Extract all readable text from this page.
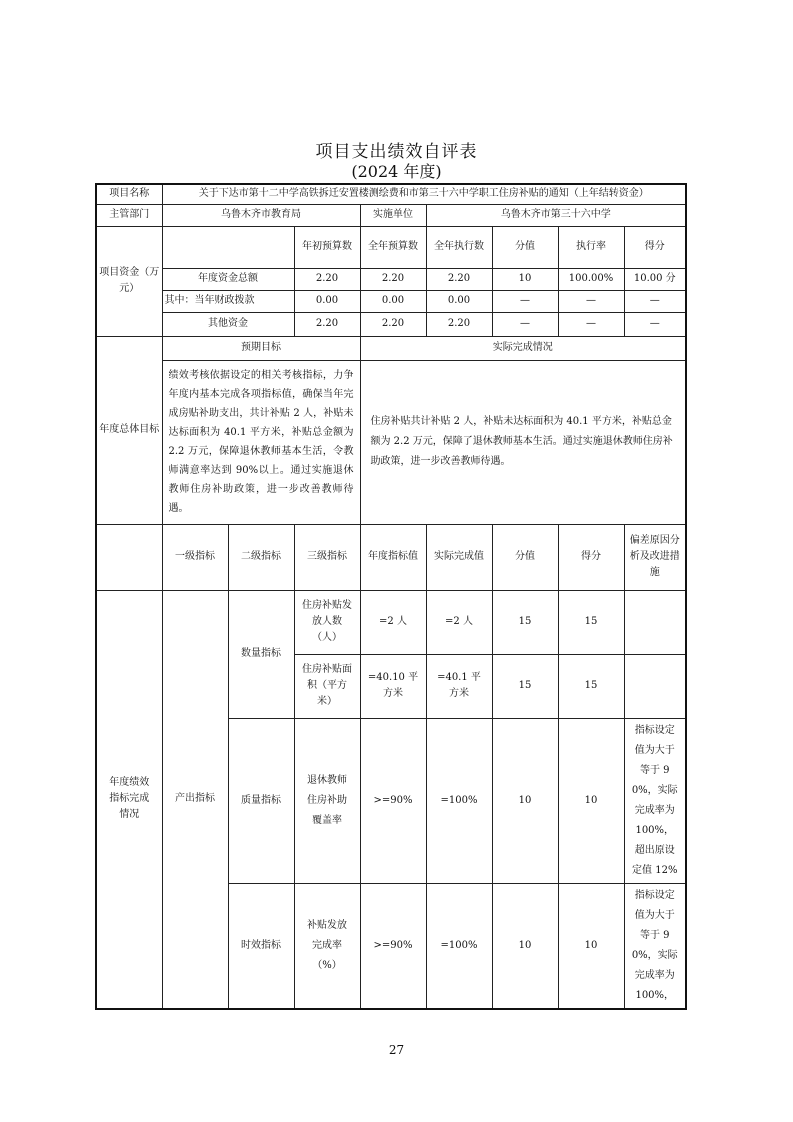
项目支出绩效自评表
(2024 年度)
项目名称	关于下达市第十二中学高铁拆迁安置楼测绘费和市第三十六中学职工住房补贴的通知（上年结转资金）							
主管部门	乌鲁木齐市教育局			实施单位	乌鲁木齐市第三十六中学			
项目资金（万元）			年初预算数	全年预算数	全年执行数	分值	执行率	得分
	年度资金总额		2.20	2.20	2.20	10	100.00%	10.00 分
	其中：当年财政拨款		0.00	0.00	0.00	—	—	—
	其他资金		2.20	2.20	2.20	—	—	—
年度总体目标	预期目标			实际完成情况				
	绩效考核依据设定的相关考核指标，力争年度内基本完成各项指标值，确保当年完成房贴补助支出，共计补贴 2 人，补贴未达标面积为 40.1 平方米，补贴总金额为 2.2 万元，保障退休教师基本生活，令教师满意率达到 90%以上。通过实施退休教师住房补助政策，进一步改善教师待遇。			住房补贴共计补贴 2 人，补贴未达标面积为 40.1 平方米，补贴总金额为 2.2 万元，保障了退休教师基本生活。通过实施退休教师住房补助政策，进一步改善教师待遇。				
	一级指标	二级指标	三级指标	年度指标值	实际完成值	分值	得分	偏差原因分析及改进措施
年度绩效指标完成情况	产出指标	数量指标	住房补贴发放人数（人）	=2 人	=2 人	15	15	
			住房补贴面积（平方米）	=40.10 平方米	=40.1 平方米	15	15	
		质量指标	退休教师住房补助覆盖率	>=90%	=100%	10	10	指标设定值为大于等于 90%，实际完成率为 100%，超出原设定值 12%
		时效指标	补贴发放完成率（%）	>=90%	=100%	10	10	指标设定值为大于等于 90%，实际完成率为 100%，
27
